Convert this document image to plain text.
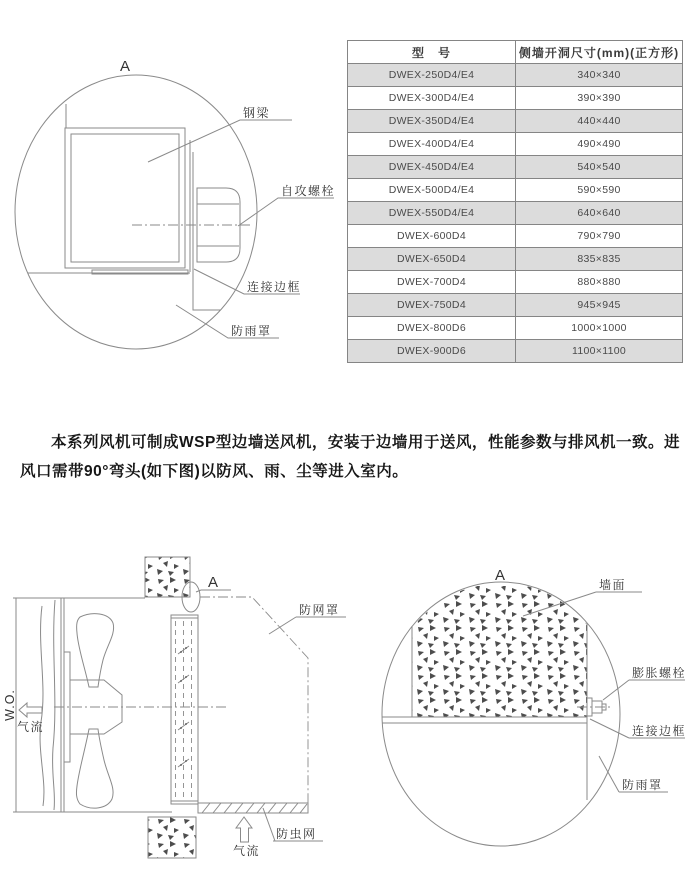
A
钢梁
自攻螺栓
连接边框
防雨罩
型　号	侧墙开洞尺寸(mm)(正方形)
DWEX-250D4/E4	340×340
DWEX-300D4/E4	390×390
DWEX-350D4/E4	440×440
DWEX-400D4/E4	490×490
DWEX-450D4/E4	540×540
DWEX-500D4/E4	590×590
DWEX-550D4/E4	640×640
DWEX-600D4	790×790
DWEX-650D4	835×835
DWEX-700D4	880×880
DWEX-750D4	945×945
DWEX-800D6	1000×1000
DWEX-900D6	1100×1100

本系列风机可制成WSP型边墙送风机，安装于边墙用于送风，性能参数与排风机一致。进风口需带90°弯头(如下图)以防风、雨、尘等进入室内。

A
防网罩
防虫网
气流
气流
W.O.
A
墙面
膨胀螺栓
连接边框
防雨罩
